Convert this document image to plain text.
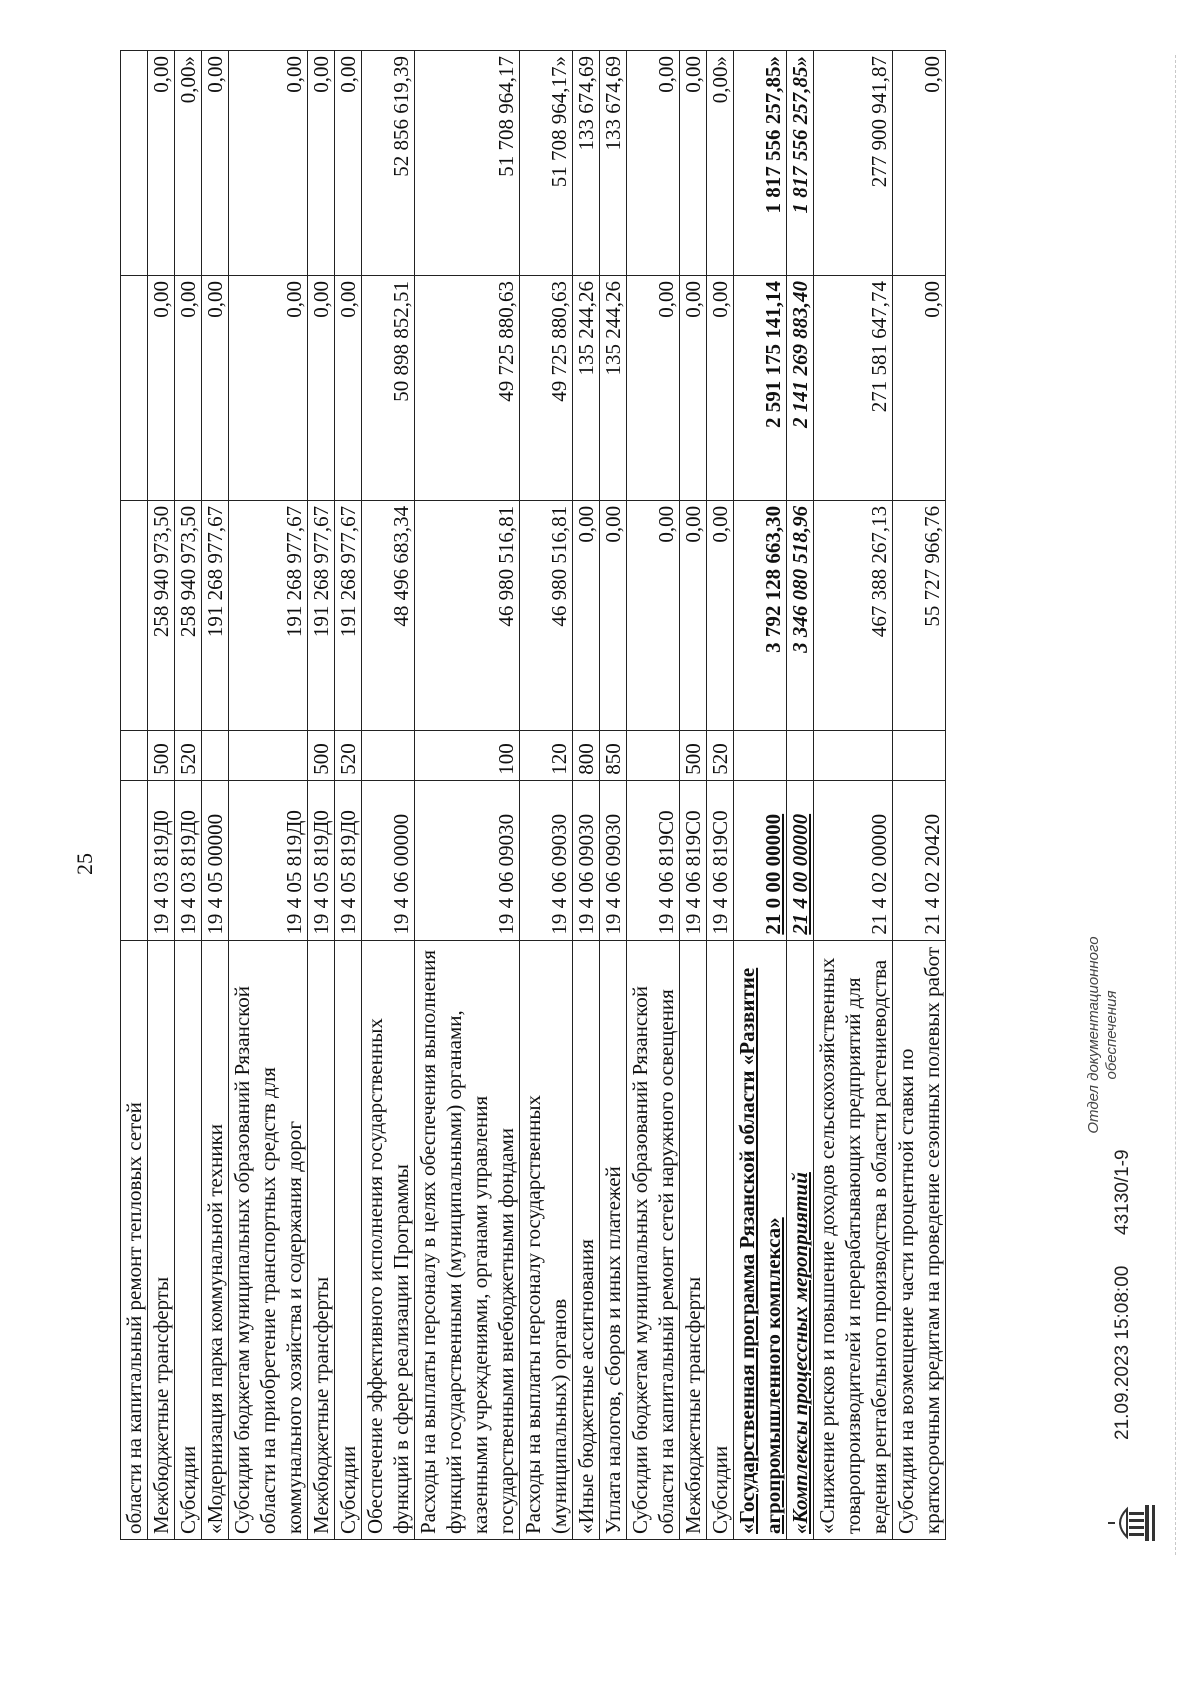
25
области на капитальный ремонт тепловых сетей					
Межбюджетные трансферты	19 4 03 819Д0	500	258 940 973,50	0,00	0,00
Субсидии	19 4 03 819Д0	520	258 940 973,50	0,00	0,00»
«Модернизация парка коммунальной техники	19 4 05 00000		191 268 977,67	0,00	0,00
Субсидии бюджетам муниципальных образований Рязанской области на приобретение транспортных средств для коммунального хозяйства и содержания дорог	19 4 05 819Д0		191 268 977,67	0,00	0,00
Межбюджетные трансферты	19 4 05 819Д0	500	191 268 977,67	0,00	0,00
Субсидии	19 4 05 819Д0	520	191 268 977,67	0,00	0,00
Обеспечение эффективного исполнения государственных функций в сфере реализации Программы	19 4 06 00000		48 496 683,34	50 898 852,51	52 856 619,39
Расходы на выплаты персоналу в целях обеспечения выполнения функций государственными (муниципальными) органами, казенными учреждениями, органами управления государственными внебюджетными фондами	19 4 06 09030	100	46 980 516,81	49 725 880,63	51 708 964,17
Расходы на выплаты персоналу государственных (муниципальных) органов	19 4 06 09030	120	46 980 516,81	49 725 880,63	51 708 964,17»
«Иные бюджетные ассигнования	19 4 06 09030	800	0,00	135 244,26	133 674,69
Уплата налогов, сборов и иных платежей	19 4 06 09030	850	0,00	135 244,26	133 674,69
Субсидии бюджетам муниципальных образований Рязанской области на капитальный ремонт сетей наружного освещения	19 4 06 819С0		0,00	0,00	0,00
Межбюджетные трансферты	19 4 06 819С0	500	0,00	0,00	0,00
Субсидии	19 4 06 819С0	520	0,00	0,00	0,00»
«Государственная программа Рязанской области «Развитие агропромышленного комплекса»	21 0 00 00000		3 792 128 663,30	2 591 175 141,14	1 817 556 257,85»
«Комплексы процессных мероприятий	21 4 00 00000		3 346 080 518,96	2 141 269 883,40	1 817 556 257,85»
«Снижение рисков и повышение доходов сельскохозяйственных товаропроизводителей и перерабатывающих предприятий для ведения рентабельного производства в области растениеводства	21 4 02 00000		467 388 267,13	271 581 647,74	277 900 941,87
Субсидии на возмещение части процентной ставки по краткосрочным кредитам на проведение сезонных полевых работ	21 4 02 20420		55 727 966,76	0,00	0,00
21.09.2023 15:08:00
43130/1-9
Отдел документационного обеспечения
